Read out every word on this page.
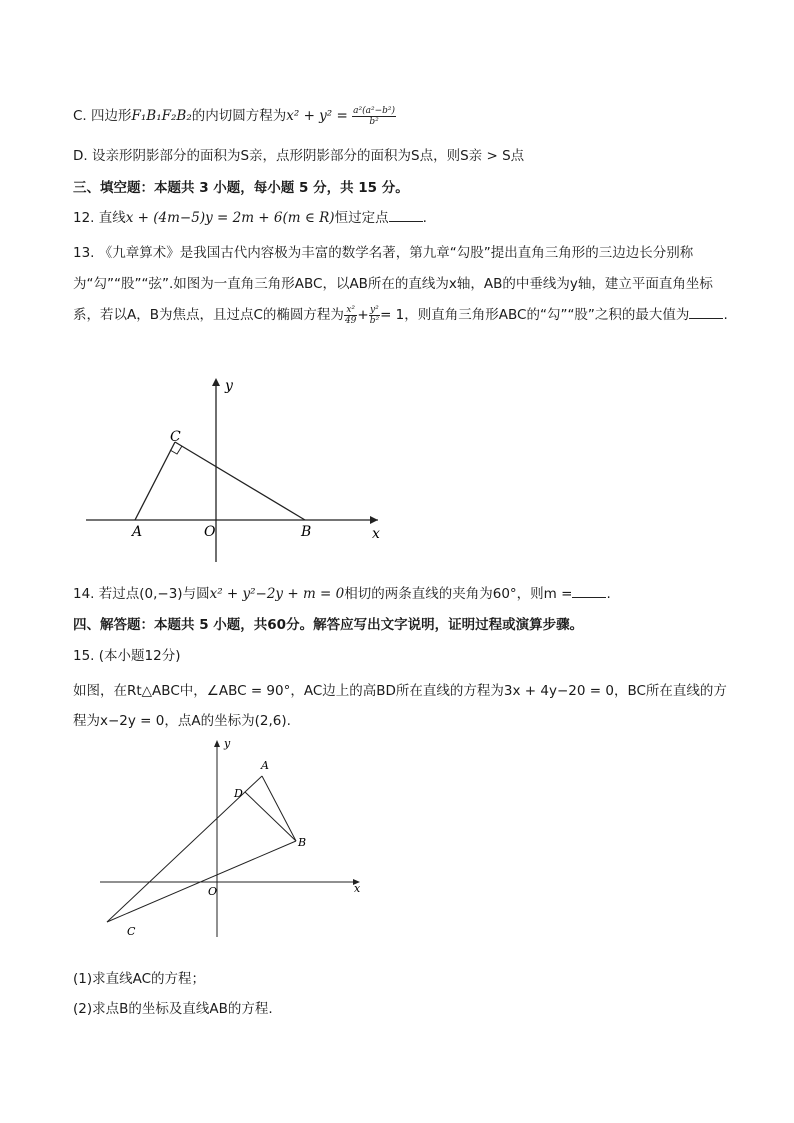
C. 四边形F₁B₁F₂B₂的内切圆方程为$x^2 + y^2 = \frac{\text{a²(a²−b²)}}{\text{b²}}$
D. 设亲形阴影部分的面积为S亲，点形阴影部分的面积为S点，则S亲 > S点
三、填空题：本题共 3 小题，每小题 5 分，共 15 分。
12. 直线x + (4m−5)y = 2m + 6(m ∈ R)恒过定点	.
13. 《九章算术》是我国古代内容极为丰富的数学名著，第九章“勾股”提出直角三角形的三边边长分别称为“勾”“股”“弦”.如图为一直角三角形ABC，以AB所在的直线为x轴，AB的中垂线为y轴，建立平面直角坐标系，若以A，B为焦点，且过点C的椭圆方程为 $\frac{\text{x²}}{49} + \frac{\text{y²}}{\text{b²}} = 1$，则直角三角形ABC的“勾”“股”之积的最大值为	.
C
A	O	B	x
y
14. 若过点(0,−3)与圆x² + y²−2y + m = 0相切的两条直线的夹角为60°，则m =	.
四、解答题：本题共 5 小题，共60分。解答应写出文字说明，证明过程或演算步骤。
15. (本小题12分)
如图，在Rt△ABC中，∠ABC = 90°，AC边上的高BD所在直线的方程为3x + 4y−20 = 0，BC所在直线的方程为x−2y = 0，点A的坐标为(2,6).
A
D
B
O
C
x
y
(1)求直线AC的方程；
(2)求点B的坐标及直线AB的方程.
